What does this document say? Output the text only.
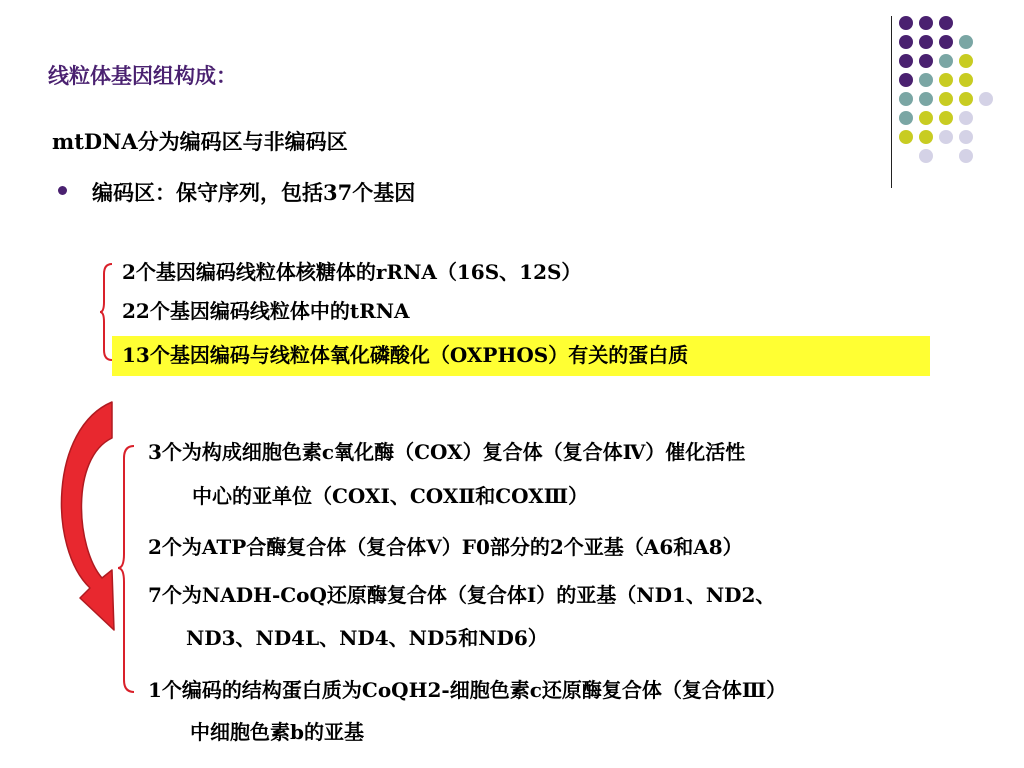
线粒体基因组构成：
mtDNA分为编码区与非编码区
编码区：保守序列，包括37个基因
2个基因编码线粒体核糖体的rRNA（16S、12S）
22个基因编码线粒体中的tRNA
13个基因编码与线粒体氧化磷酸化（OXPHOS）有关的蛋白质
3个为构成细胞色素c氧化酶（COX）复合体（复合体Ⅳ）催化活性
中心的亚单位（COXⅠ、COXⅡ和COXⅢ）
2个为ATP合酶复合体（复合体Ⅴ）F0部分的2个亚基（A6和A8）
7个为NADH-CoQ还原酶复合体（复合体Ⅰ）的亚基（ND1、ND2、
ND3、ND4L、ND4、ND5和ND6）
1个编码的结构蛋白质为CoQH2-细胞色素c还原酶复合体（复合体Ⅲ）
中细胞色素b的亚基
